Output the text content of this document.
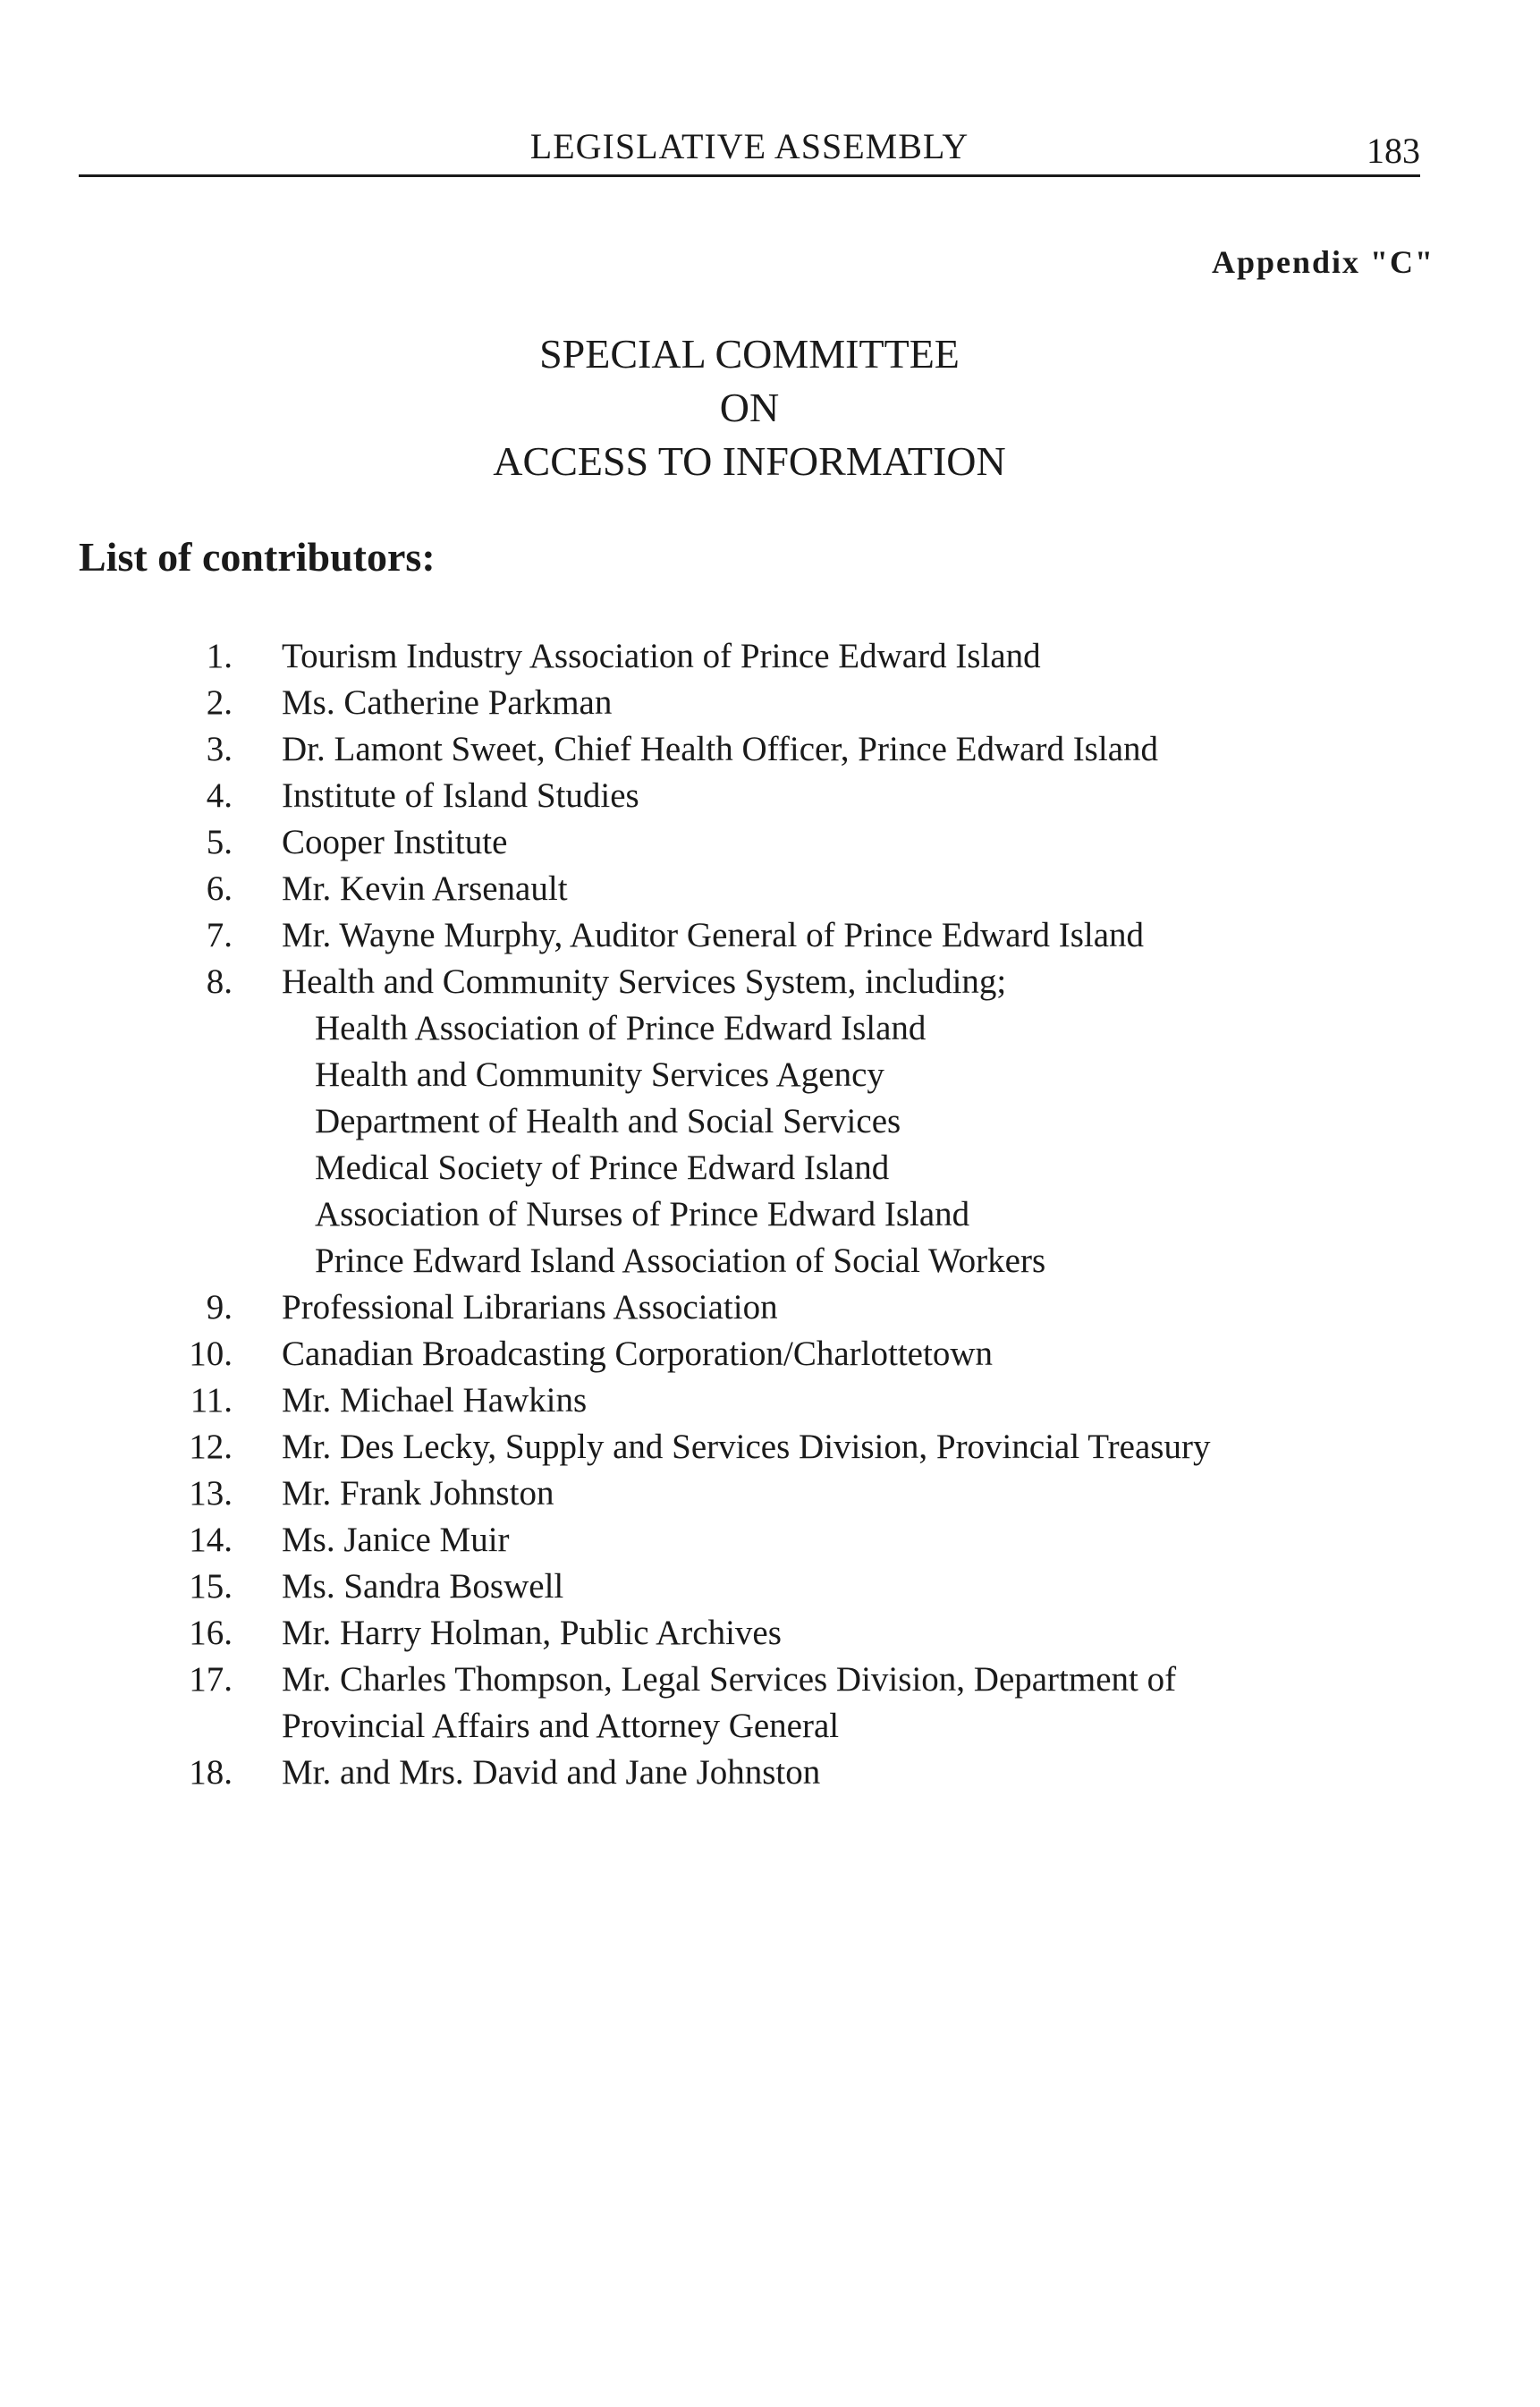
LEGISLATIVE ASSEMBLY	183
Appendix "C"
SPECIAL COMMITTEE
ON
ACCESS TO INFORMATION
List of contributors:
1. Tourism Industry Association of Prince Edward Island
2. Ms. Catherine Parkman
3. Dr. Lamont Sweet, Chief Health Officer, Prince Edward Island
4. Institute of Island Studies
5. Cooper Institute
6. Mr. Kevin Arsenault
7. Mr. Wayne Murphy, Auditor General of Prince Edward Island
8. Health and Community Services System, including;
Health Association of Prince Edward Island
Health and Community Services Agency
Department of Health and Social Services
Medical Society of Prince Edward Island
Association of Nurses of Prince Edward Island
Prince Edward Island Association of Social Workers
9. Professional Librarians Association
10. Canadian Broadcasting Corporation/Charlottetown
11. Mr. Michael Hawkins
12. Mr. Des Lecky, Supply and Services Division, Provincial Treasury
13. Mr. Frank Johnston
14. Ms. Janice Muir
15. Ms. Sandra Boswell
16. Mr. Harry Holman, Public Archives
17. Mr. Charles Thompson, Legal Services Division, Department of
Provincial Affairs and Attorney General
18. Mr. and Mrs. David and Jane Johnston
